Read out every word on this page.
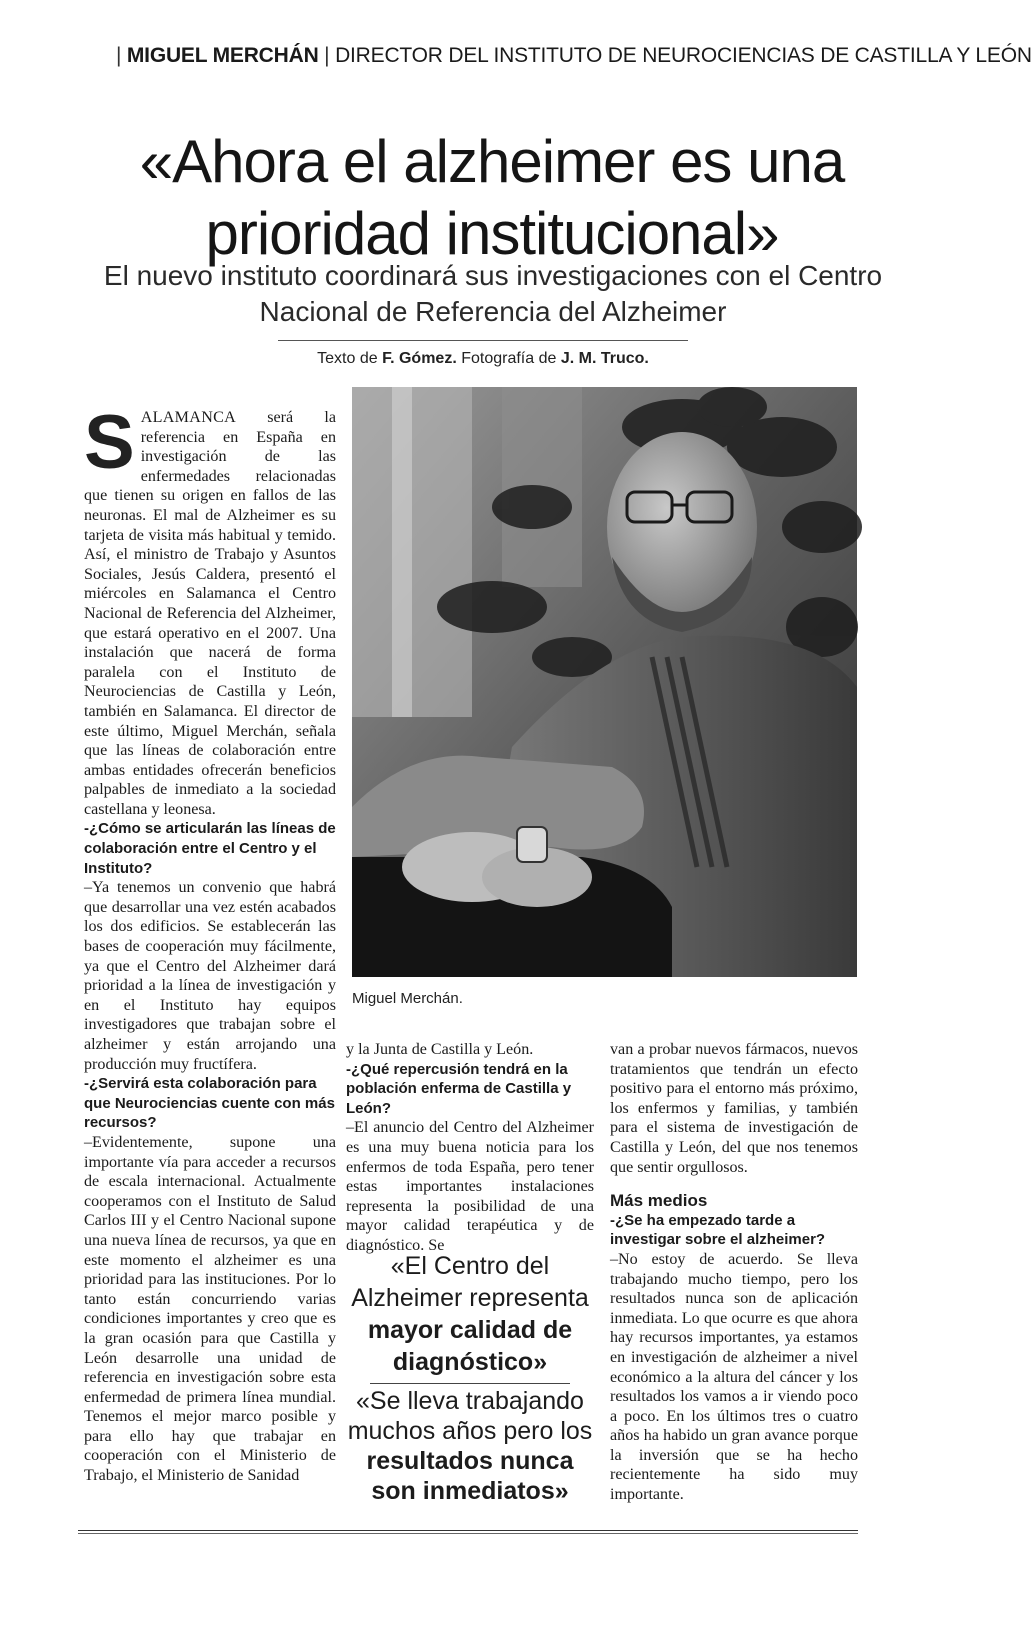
| MIGUEL MERCHÁN | DIRECTOR DEL INSTITUTO DE NEUROCIENCIAS DE CASTILLA Y LEÓN
«Ahora el alzheimer es una prioridad institucional»
El nuevo instituto coordinará sus investigaciones con el Centro Nacional de Referencia del Alzheimer
Texto de F. Gómez. Fotografía de J. M. Truco.

SALAMANCA será la referencia en España en investigación de las enfermedades relacionadas que tienen su origen en fallos de las neuronas. El mal de Alzheimer es su tarjeta de visita más habitual y temido. Así, el ministro de Trabajo y Asuntos Sociales, Jesús Caldera, presentó el miércoles en Salamanca el Centro Nacional de Referencia del Alzheimer, que estará operativo en el 2007. Una instalación que nacerá de forma paralela con el Instituto de Neurociencias de Castilla y León, también en Salamanca. El director de este último, Miguel Merchán, señala que las líneas de colaboración entre ambas entidades ofrecerán beneficios palpables de inmediato a la sociedad castellana y leonesa.

-¿Cómo se articularán las líneas de colaboración entre el Centro y el Instituto?

–Ya tenemos un convenio que habrá que desarrollar una vez estén acabados los dos edificios. Se establecerán las bases de cooperación muy fácilmente, ya que el Centro del Alzheimer dará prioridad a la línea de investigación y en el Instituto hay equipos investigadores que trabajan sobre el alzheimer y están arrojando una producción muy fructífera.

-¿Servirá esta colaboración para que Neurociencias cuente con más recursos?

–Evidentemente, supone una importante vía para acceder a recursos de escala internacional. Actualmente cooperamos con el Instituto de Salud Carlos III y el Centro Nacional supone una nueva línea de recursos, ya que en este momento el alzheimer es una prioridad para las instituciones. Por lo tanto están concurriendo varias condiciones importantes y creo que es la gran ocasión para que Castilla y León desarrolle una unidad de referencia en investigación sobre esta enfermedad de primera línea mundial. Tenemos el mejor marco posible y para ello hay que trabajar en cooperación con el Ministerio de Trabajo, el Ministerio de Sanidad

Miguel Merchán.

y la Junta de Castilla y León.

-¿Qué repercusión tendrá en la población enferma de Castilla y León?

–El anuncio del Centro del Alzheimer es una muy buena noticia para los enfermos de toda España, pero tener estas importantes instalaciones representa la posibilidad de una mayor calidad terapéutica y de diagnóstico. Se

«El Centro del Alzheimer representa mayor calidad de diagnóstico»
«Se lleva trabajando muchos años pero los resultados nunca son inmediatos»

van a probar nuevos fármacos, nuevos tratamientos que tendrán un efecto positivo para el entorno más próximo, los enfermos y familias, y también para el sistema de investigación de Castilla y León, del que nos tenemos que sentir orgullosos.

Más medios

-¿Se ha empezado tarde a investigar sobre el alzheimer?

–No estoy de acuerdo. Se lleva trabajando mucho tiempo, pero los resultados nunca son de aplicación inmediata. Lo que ocurre es que ahora hay recursos importantes, ya estamos en investigación de alzheimer a nivel económico a la altura del cáncer y los resultados los vamos a ir viendo poco a poco. En los últimos tres o cuatro años ha habido un gran avance porque la inversión que se ha hecho recientemente ha sido muy importante.
